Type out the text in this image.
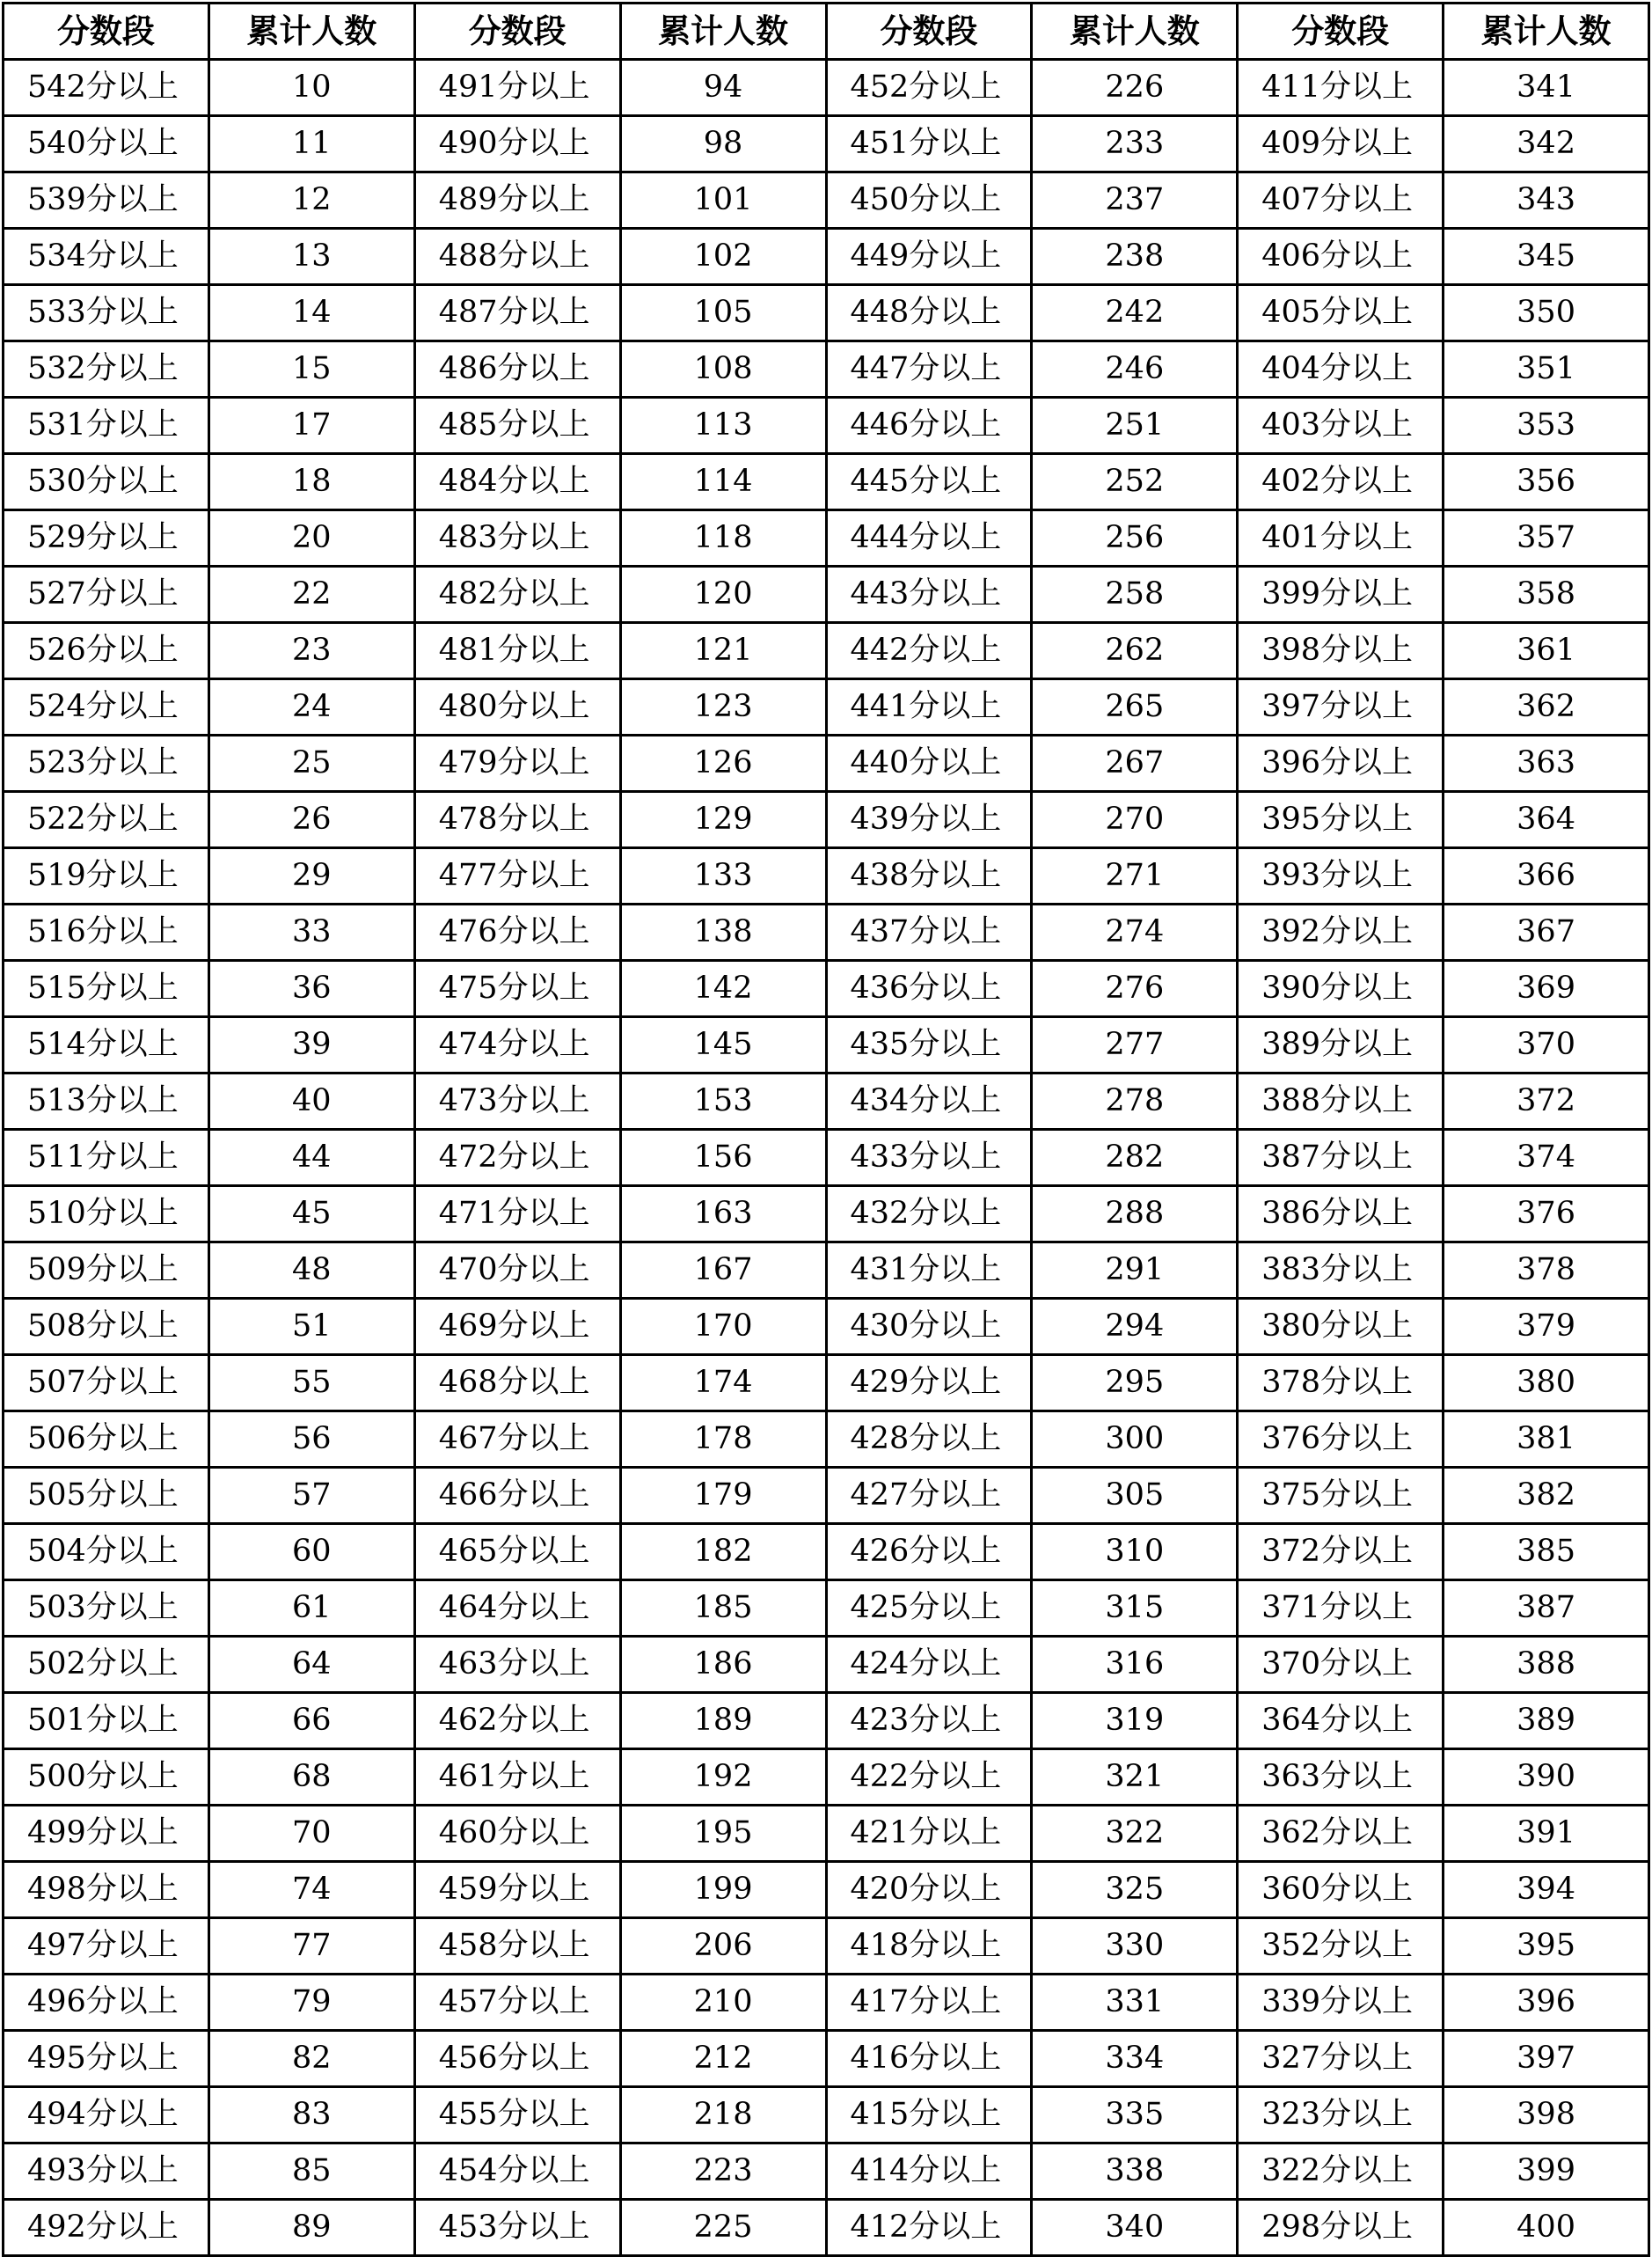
分数段	累计人数	分数段	累计人数	分数段	累计人数	分数段	累计人数
542分以上	10	491分以上	94	452分以上	226	411分以上	341
540分以上	11	490分以上	98	451分以上	233	409分以上	342
539分以上	12	489分以上	101	450分以上	237	407分以上	343
534分以上	13	488分以上	102	449分以上	238	406分以上	345
533分以上	14	487分以上	105	448分以上	242	405分以上	350
532分以上	15	486分以上	108	447分以上	246	404分以上	351
531分以上	17	485分以上	113	446分以上	251	403分以上	353
530分以上	18	484分以上	114	445分以上	252	402分以上	356
529分以上	20	483分以上	118	444分以上	256	401分以上	357
527分以上	22	482分以上	120	443分以上	258	399分以上	358
526分以上	23	481分以上	121	442分以上	262	398分以上	361
524分以上	24	480分以上	123	441分以上	265	397分以上	362
523分以上	25	479分以上	126	440分以上	267	396分以上	363
522分以上	26	478分以上	129	439分以上	270	395分以上	364
519分以上	29	477分以上	133	438分以上	271	393分以上	366
516分以上	33	476分以上	138	437分以上	274	392分以上	367
515分以上	36	475分以上	142	436分以上	276	390分以上	369
514分以上	39	474分以上	145	435分以上	277	389分以上	370
513分以上	40	473分以上	153	434分以上	278	388分以上	372
511分以上	44	472分以上	156	433分以上	282	387分以上	374
510分以上	45	471分以上	163	432分以上	288	386分以上	376
509分以上	48	470分以上	167	431分以上	291	383分以上	378
508分以上	51	469分以上	170	430分以上	294	380分以上	379
507分以上	55	468分以上	174	429分以上	295	378分以上	380
506分以上	56	467分以上	178	428分以上	300	376分以上	381
505分以上	57	466分以上	179	427分以上	305	375分以上	382
504分以上	60	465分以上	182	426分以上	310	372分以上	385
503分以上	61	464分以上	185	425分以上	315	371分以上	387
502分以上	64	463分以上	186	424分以上	316	370分以上	388
501分以上	66	462分以上	189	423分以上	319	364分以上	389
500分以上	68	461分以上	192	422分以上	321	363分以上	390
499分以上	70	460分以上	195	421分以上	322	362分以上	391
498分以上	74	459分以上	199	420分以上	325	360分以上	394
497分以上	77	458分以上	206	418分以上	330	352分以上	395
496分以上	79	457分以上	210	417分以上	331	339分以上	396
495分以上	82	456分以上	212	416分以上	334	327分以上	397
494分以上	83	455分以上	218	415分以上	335	323分以上	398
493分以上	85	454分以上	223	414分以上	338	322分以上	399
492分以上	89	453分以上	225	412分以上	340	298分以上	400
